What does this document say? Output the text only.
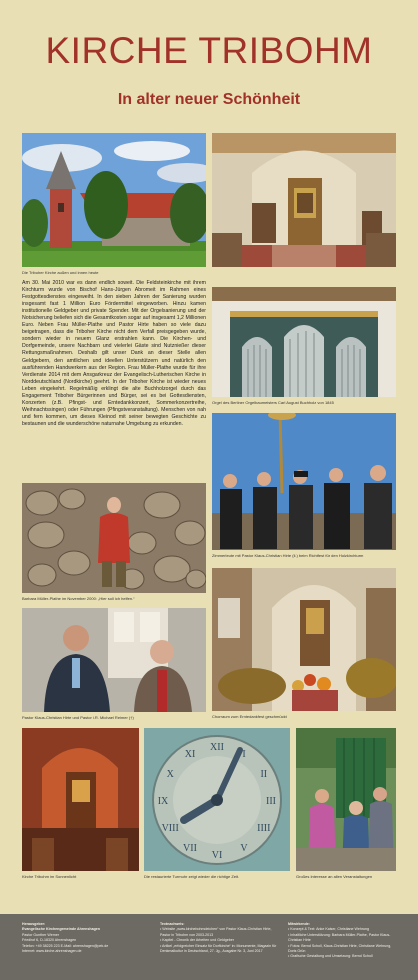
KIRCHE TRIBOHM
In alter neuer Schönheit
Die Triboher Kirche außen und innen heute
Orgel des Berliner Orgelbaumeisters Carl August Buchholz von 1845
Am 30. Mai 2010 war es dann endlich soweit. Die Feldsteinkirche mit ihrem Kirchturm wurde von Bischof Hans-Jürgen Abromeit im Rahmen eines Festgottesdienstes eingeweiht. In den sieben Jahren der Sanierung wurden insgesamt fast 1 Million Euro Fördermittel eingeworben. Hinzu kamen institutionelle Geldgeber und private Spender. Mit der Orgelsanierung und der Notsicherung beliefen sich die Gesamtkosten sogar auf insgesamt 1,2 Millionen Euro. Neben Frau Müller-Plathe und Pastor Hirte haben so viele dazu beigetragen, dass die Triboher Kirche nicht dem Verfall preisgegeben wurde, sondern wieder in neuem Glanz erstrahlen kann. Die Kirchen- und Dorfgemeinde, unsere Nachbarn und vielerlei Gäste sind Nutznießer dieser Rettungsmaßnahmen. Deshalb gilt unser Dank an dieser Stelle allen Geldgebern, den amtlichen und ideellen Unterstützern und natürlich den ausführenden Handwerkern aus der Region. Frau Müller-Plathe wurde für ihre Verdienste 2014 mit dem Ansgarkreuz der Evangelisch-Lutherischen Kirche in Norddeutschland (Nordkirche) geehrt. In der Triboher Kirche ist wieder neues Leben eingekehrt. Regelmäßig erklingt die alte Buchholzorgel durch das Engagement Triboher Bürgerinnen und Bürger, sei es bei Gottesdiensten, Konzerten (z.B. Pfingst- und Erntedankkonzert, Sommerkonzertreihe, Weihnachtssingen) oder Führungen (Pfingstveranstaltung). Menschen von nah und fern kommen, um dieses Kleinod mit seiner bewegten Geschichte zu bestaunen und die wunderschöne naturnahe Umgebung zu erkunden.
Barbara Müller-Plathe im November 2000: „Hier soll ich helfen.“
Zimmerleute mit Pastor Klaus-Christian Hirte (li.) beim Richtfest für den Holzkirchturm
Pastor Klaus-Christian Hirte und Pastor i.R. Michael Reimer (†)	Chorraum zum Erntedankfest geschmückt
Kirche Tribohm im Sonnenlicht
XII
I
II
III
IIII
V
VI
VII
VIII
IX
X
XI
Die restaurierte Turmuhr zeigt wieder die richtige Zeit.	Großes Interesse an allen Veranstaltungen
Herausgeber:
Evangelische Kirchengemeinde Ahrenshagen
Pastor Gunther Werner
Friedhof 6, D-18320 Ahrenshagen
Telefon: +49 38225 223 E-Mail: ahrenshagen@pek.de
Internet: www.kirche-ahrenshagen.de
Textnachweis:
• Website „www.kirchebohmdeichen“ von Pastor Klaus-Christian Hirte, Pastor in Tribohm von 2003-2013
• Kapitel - Chronik der Arbeiten und Geldgeber
• Artikel „erfolgreicher Einsatz für Dorfkirche“ in: Monumente, Magazin für Denkmalkultur in Deutschland, 27. Jg., Ausgabe Nr. 3, Juni 2017
Mitwirkende:
• Konzept & Text: Anke Kaiser, Christiane Wehrung
• Inhaltliche Unterstützung: Barbara Müller-Plathe, Pastor Klaus-Christian Hirte
• Fotos: Bernd Scholl, Klaus-Christian Hirte, Christiane Wehrung, Doris Grün
• Grafische Gestaltung und Umsetzung: Bernd Scholl
